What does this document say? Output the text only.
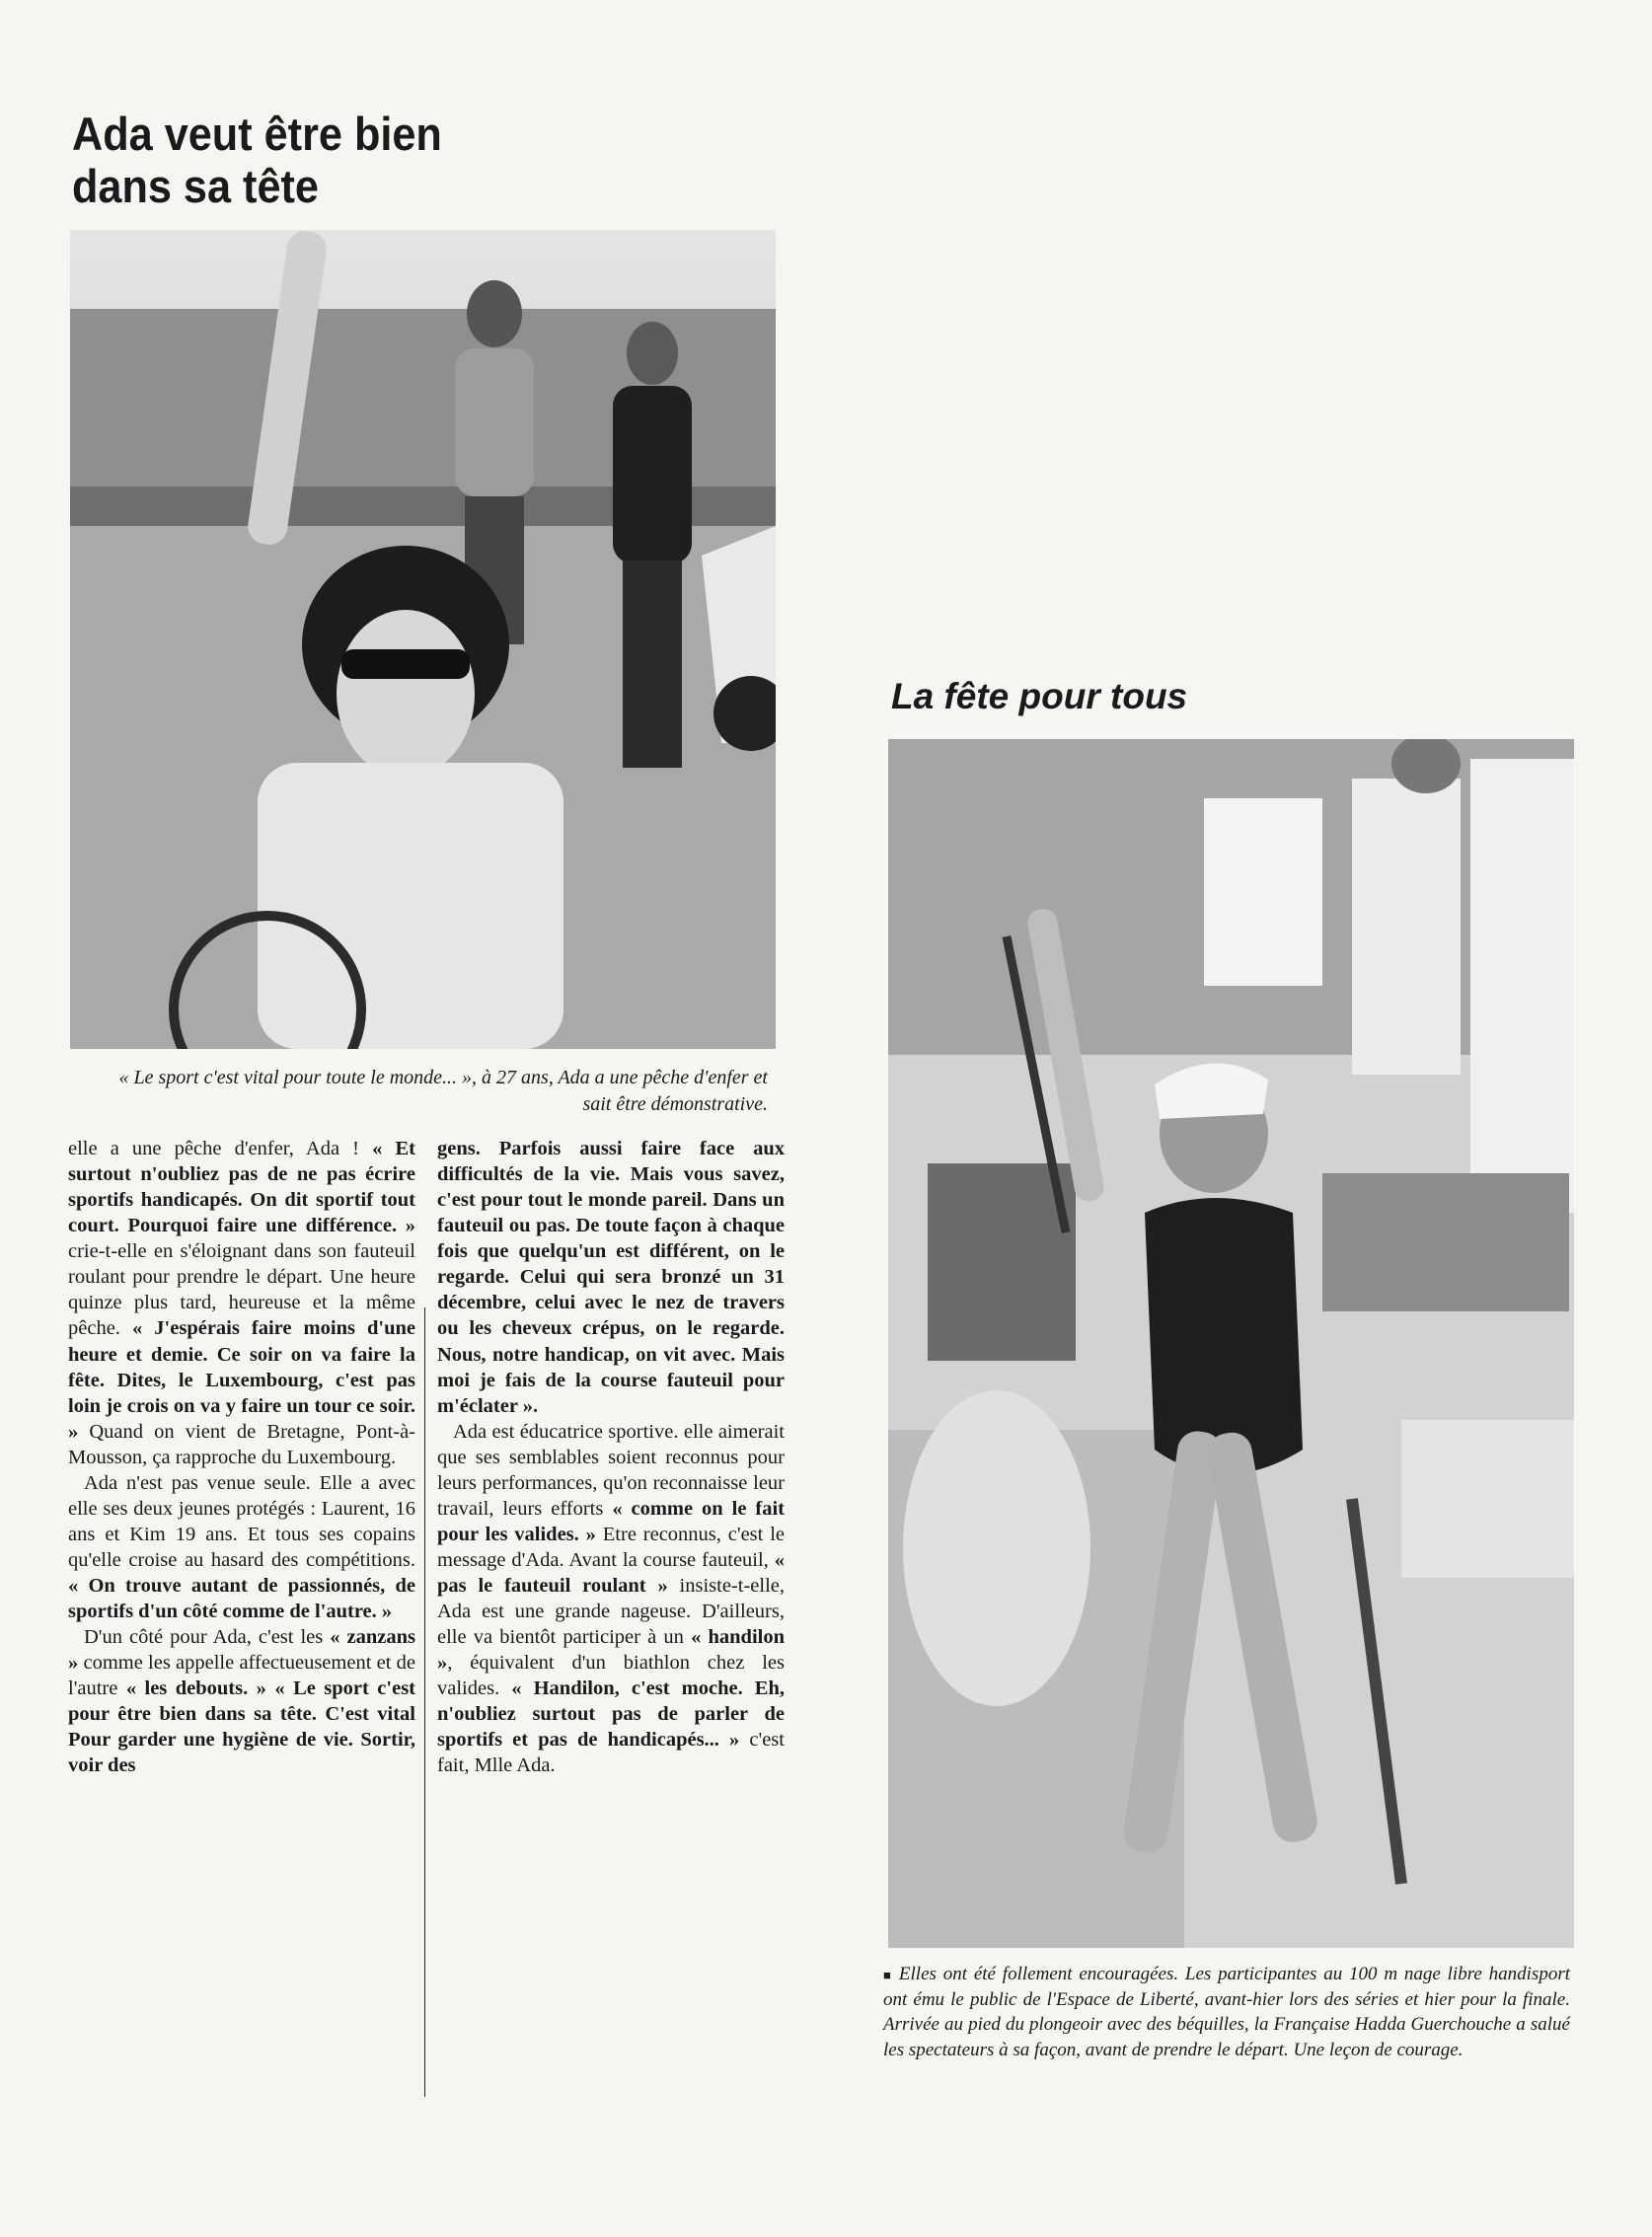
Ada veut être bien
dans sa tête
« Le sport c'est vital pour toute le monde... », à 27 ans, Ada a une pêche d'enfer et sait être démonstrative.

elle a une pêche d'enfer, Ada ! « Et surtout n'oubliez pas de ne pas écrire sportifs handicapés. On dit sportif tout court. Pourquoi faire une différence. » crie-t-elle en s'éloignant dans son fauteuil roulant pour prendre le départ. Une heure quinze plus tard, heureuse et la même pêche. « J'espérais faire moins d'une heure et demie. Ce soir on va faire la fête. Dites, le Luxembourg, c'est pas loin je crois on va y faire un tour ce soir. » Quand on vient de Bretagne, Pont-à-Mousson, ça rapproche du Luxembourg.

Ada n'est pas venue seule. Elle a avec elle ses deux jeunes protégés : Laurent, 16 ans et Kim 19 ans. Et tous ses copains qu'elle croise au hasard des compétitions. « On trouve autant de passionnés, de sportifs d'un côté comme de l'autre. »

D'un côté pour Ada, c'est les « zanzans » comme les appelle affectueusement et de l'autre « les debouts. » « Le sport c'est pour être bien dans sa tête. C'est vital Pour garder une hygiène de vie. Sortir, voir des

gens. Parfois aussi faire face aux difficultés de la vie. Mais vous savez, c'est pour tout le monde pareil. Dans un fauteuil ou pas. De toute façon à chaque fois que quelqu'un est différent, on le regarde. Celui qui sera bronzé un 31 décembre, celui avec le nez de travers ou les cheveux crépus, on le regarde. Nous, notre handicap, on vit avec. Mais moi je fais de la course fauteuil pour m'éclater ».

Ada est éducatrice sportive. elle aimerait que ses semblables soient reconnus pour leurs performances, qu'on reconnaisse leur travail, leurs efforts « comme on le fait pour les valides. » Etre reconnus, c'est le message d'Ada. Avant la course fauteuil, « pas le fauteuil roulant » insiste-t-elle, Ada est une grande nageuse. D'ailleurs, elle va bientôt participer à un « handilon », équivalent d'un biathlon chez les valides. « Handilon, c'est moche. Eh, n'oubliez surtout pas de parler de sportifs et pas de handicapés... » c'est fait, Mlle Ada.

La fête pour tous
■ Elles ont été follement encouragées. Les participantes au 100 m nage libre handisport ont ému le public de l'Espace de Liberté, avant-hier lors des séries et hier pour la finale. Arrivée au pied du plongeoir avec des béquilles, la Française Hadda Guerchouche a salué les spectateurs à sa façon, avant de prendre le départ. Une leçon de courage.
